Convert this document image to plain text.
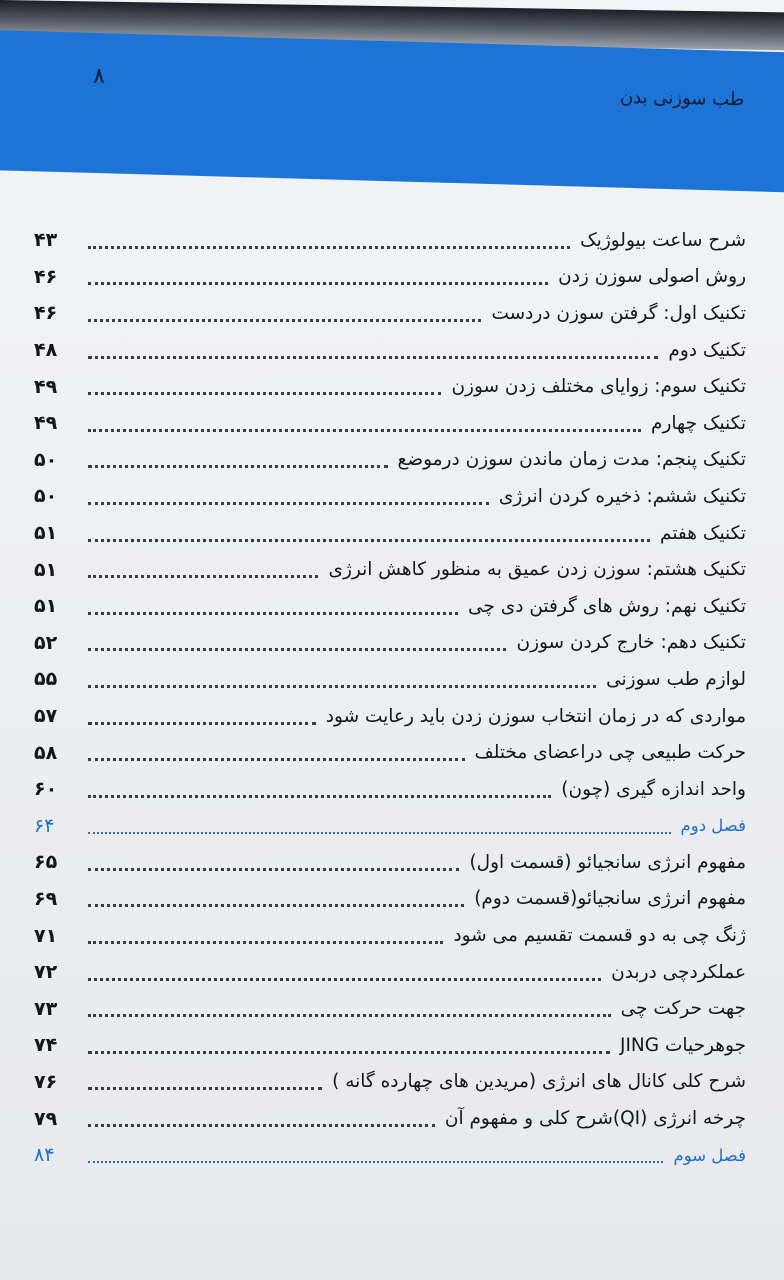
۸
طب سوزنی بدن
شرح ساعت بیولوژیک
۴۳
روش اصولی سوزن زدن
۴۶
تکنیک اول: گرفتن سوزن دردست
۴۶
تکنیک دوم
۴۸
تکنیک سوم: زوایای مختلف زدن سوزن
۴۹
تکنیک چهارم
۴۹
تکنیک پنجم: مدت زمان ماندن سوزن درموضع
۵۰
تکنیک ششم: ذخیره کردن انرژی
۵۰
تکنیک هفتم
۵۱
تکنیک هشتم: سوزن زدن عمیق به منظور کاهش انرژی
۵۱
تکنیک نهم: روش های گرفتن دی چی
۵۱
تکنیک دهم: خارج کردن سوزن
۵۲
لوازم طب سوزنی
۵۵
مواردی که در زمان انتخاب سوزن زدن باید رعایت شود
۵۷
حرکت طبیعی چی دراعضای مختلف
۵۸
واحد اندازه گیری (چون)
۶۰
فصل دوم
۶۴
مفهوم انرژی سانجیائو (قسمت اول)
۶۵
مفهوم انرژی سانجیائو(قسمت دوم)
۶۹
ژنگ چی به دو قسمت تقسیم می شود
۷۱
عملکردچی دربدن
۷۲
جهت حرکت چی
۷۳
جوهرحیات JING
۷۴
شرح کلی کانال های انرژی (مریدین های چهارده گانه )
۷۶
چرخه انرژی (QI)شرح کلی و مفهوم آن
۷۹
فصل سوم
۸۴
